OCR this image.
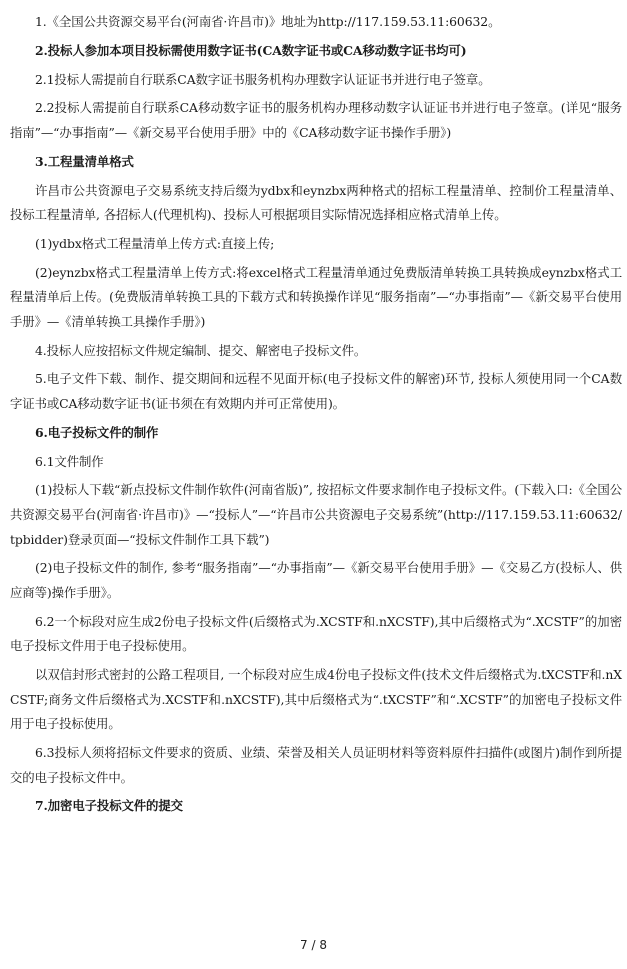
1.《全国公共资源交易平台(河南省·许昌市)》地址为http://117.159.53.11:60632。

2.投标人参加本项目投标需使用数字证书(CA数字证书或CA移动数字证书均可)

2.1投标人需提前自行联系CA数字证书服务机构办理数字认证证书并进行电子签章。

2.2投标人需提前自行联系CA移动数字证书的服务机构办理移动数字认证证书并进行电子签章。(详见“服务指南”—“办事指南”—《新交易平台使用手册》中的《CA移动数字证书操作手册》)

3.工程量清单格式

许昌市公共资源电子交易系统支持后缀为ydbx和eynzbx两种格式的招标工程量清单、控制价工程量清单、投标工程量清单, 各招标人(代理机构)、投标人可根据项目实际情况选择相应格式清单上传。

(1)ydbx格式工程量清单上传方式:直接上传;

(2)eynzbx格式工程量清单上传方式:将excel格式工程量清单通过免费版清单转换工具转换成eynzbx格式工程量清单后上传。(免费版清单转换工具的下载方式和转换操作详见“服务指南”—“办事指南”—《新交易平台使用手册》—《清单转换工具操作手册》)

4.投标人应按招标文件规定编制、提交、解密电子投标文件。

5.电子文件下载、制作、提交期间和远程不见面开标(电子投标文件的解密)环节, 投标人须使用同一个CA数字证书或CA移动数字证书(证书须在有效期内并可正常使用)。

6.电子投标文件的制作

6.1文件制作

(1)投标人下载“新点投标文件制作软件(河南省版)”, 按招标文件要求制作电子投标文件。(下载入口:《全国公共资源交易平台(河南省·许昌市)》—“投标人”—“许昌市公共资源电子交易系统”(http://117.159.53.11:60632/tpbidder)登录页面—“投标文件制作工具下载”)

(2)电子投标文件的制作, 参考“服务指南”—“办事指南”—《新交易平台使用手册》—《交易乙方(投标人、供应商等)操作手册》。

6.2一个标段对应生成2份电子投标文件(后缀格式为.XCSTF和.nXCSTF),其中后缀格式为“.XCSTF”的加密电子投标文件用于电子投标使用。

以双信封形式密封的公路工程项目, 一个标段对应生成4份电子投标文件(技术文件后缀格式为.tXCSTF和.nXCSTF;商务文件后缀格式为.XCSTF和.nXCSTF),其中后缀格式为“.tXCSTF”和“.XCSTF”的加密电子投标文件用于电子投标使用。

6.3投标人须将招标文件要求的资质、业绩、荣誉及相关人员证明材料等资料原件扫描件(或图片)制作到所提交的电子投标文件中。

7.加密电子投标文件的提交

7 / 8
